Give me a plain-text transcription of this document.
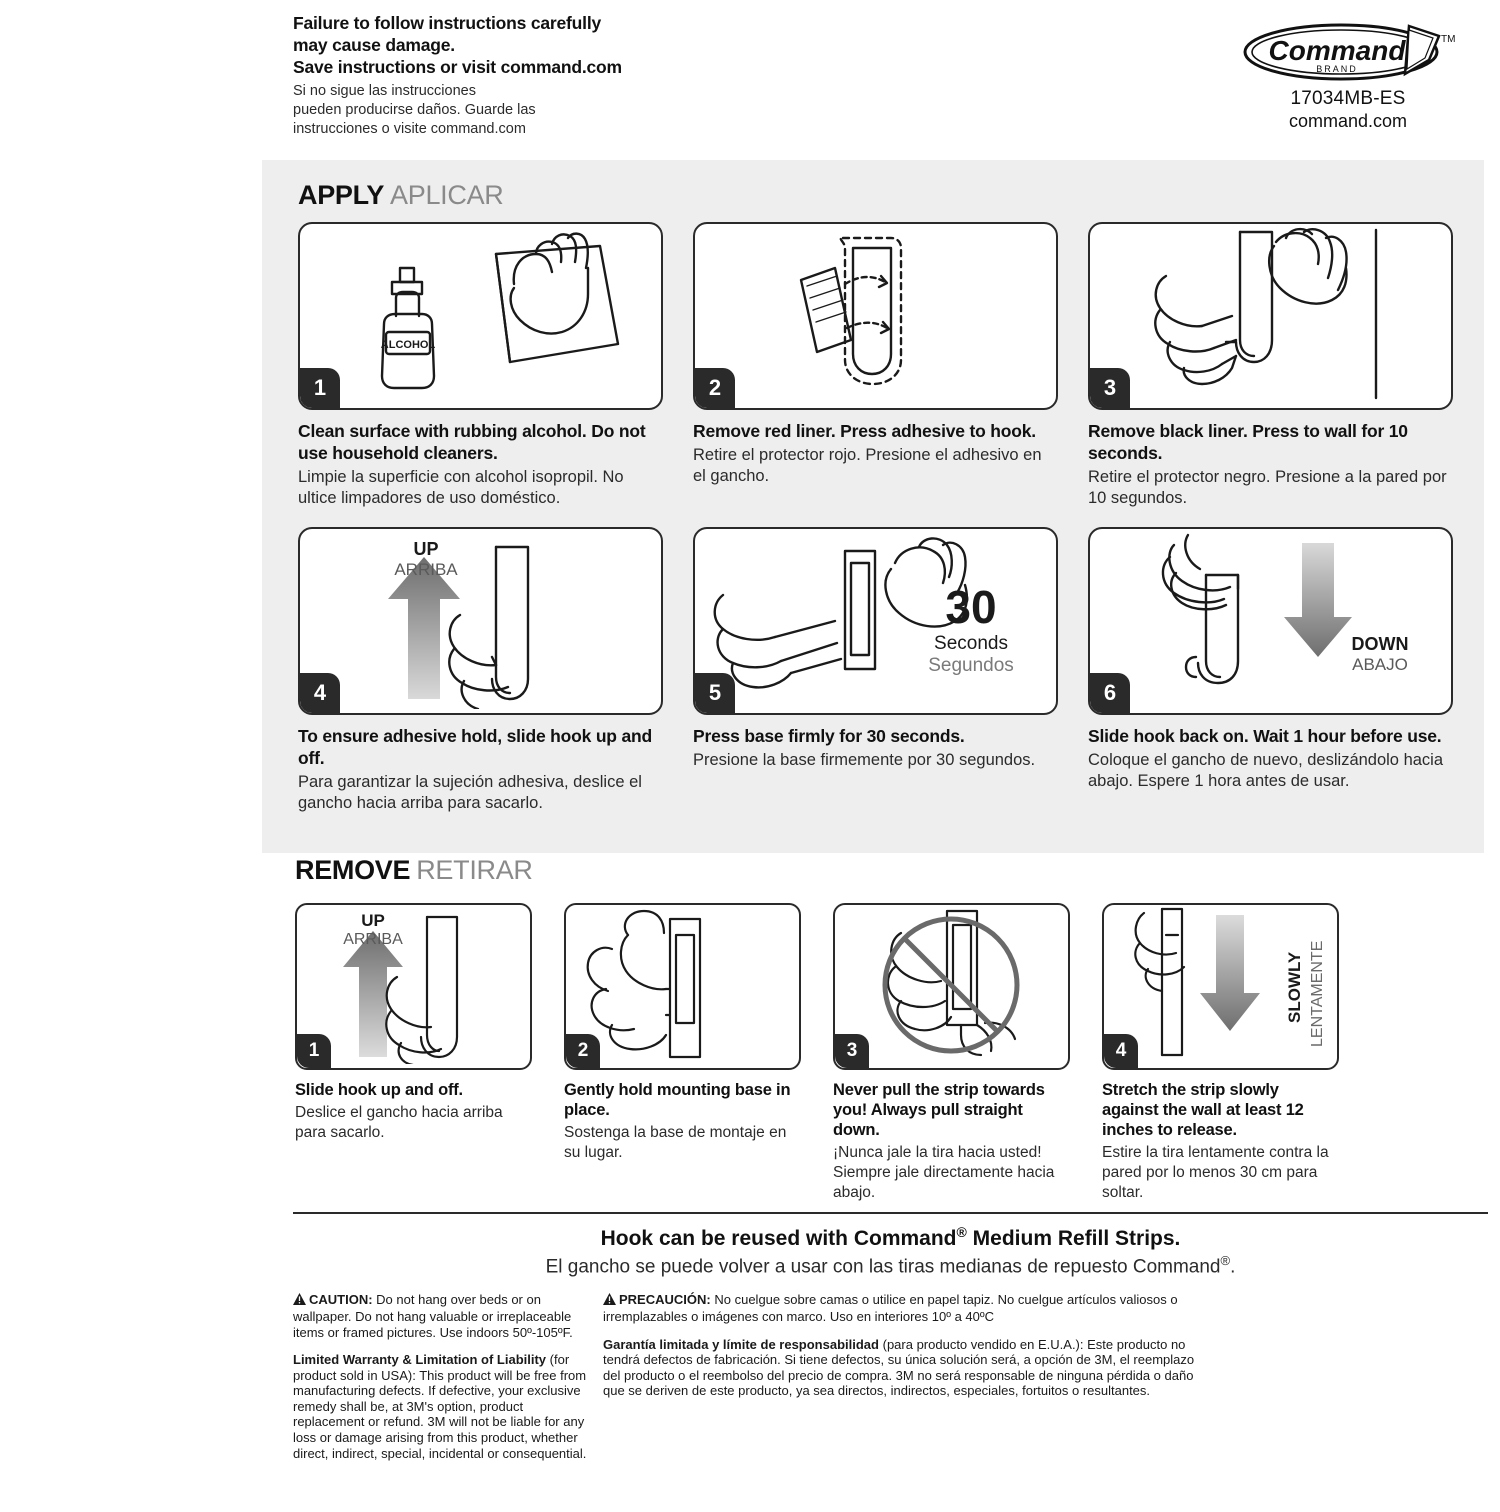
Failure to follow instructions carefully
may cause damage.
Save instructions or visit command.com
Si no sigue las instrucciones
pueden producirse daños. Guarde las
instrucciones o visite command.com
Command
BRAND
TM
17034MB-ES
command.com
APPLY APLICAR
ALCOHOL
1
Clean surface with rubbing alcohol. Do not use household cleaners.
Limpie la superficie con alcohol isopropil. No ultice limpadores de uso doméstico.
2
Remove red liner. Press adhesive to hook.
Retire el protector rojo. Presione el adhesivo en el gancho.
3
Remove black liner. Press to wall for 10 seconds.
Retire el protector negro. Presione a la pared por 10 segundos.
4
UP
ARRIBA
To ensure adhesive hold, slide hook up and off.
Para garantizar la sujeción adhesiva, deslice el gancho hacia arriba para sacarlo.
30
Seconds
Segundos
5
Press base firmly for 30 seconds.
Presione la base firmemente por 30 segundos.
6
DOWN
ABAJO
Slide hook back on. Wait 1 hour before use.
Coloque el gancho de nuevo, deslizándolo hacia abajo. Espere 1 hora antes de usar.
REMOVE RETIRAR
1
UP
ARRIBA
Slide hook up and off.
Deslice el gancho hacia arriba para sacarlo.
2
Gently hold mounting base in place.
Sostenga la base de montaje en su lugar.
3
Never pull the strip towards you! Always pull straight down.
¡Nunca jale la tira hacia usted! Siempre jale directamente hacia abajo.
SLOWLY LENTAMENTE
4
Stretch the strip slowly against the wall at least 12 inches to release.
Estire la tira lentamente contra la pared por lo menos 30 cm para soltar.
Hook can be reused with Command® Medium Refill Strips.
El gancho se puede volver a usar con las tiras medianas de repuesto Command®.
CAUTION: Do not hang over beds or on wallpaper. Do not hang valuable or irreplaceable items or framed pictures. Use indoors 50º-105ºF.
Limited Warranty & Limitation of Liability (for product sold in USA): This product will be free from manufacturing defects. If defective, your exclusive remedy shall be, at 3M's option, product replacement or refund. 3M will not be liable for any loss or damage arising from this product, whether direct, indirect, special, incidental or consequential.
PRECAUCIÓN: No cuelgue sobre camas o utilice en papel tapiz. No cuelgue artículos valiosos o irremplazables o imágenes con marco. Uso en interiores 10º a 40ºC
Garantía limitada y límite de responsabilidad (para producto vendido en E.U.A.): Este producto no tendrá defectos de fabricación. Si tiene defectos, su única solución será, a opción de 3M, el reemplazo del producto o el reembolso del precio de compra. 3M no será responsable de ninguna pérdida o daño que se deriven de este producto, ya sea directos, indirectos, especiales, fortuitos o resultantes.
